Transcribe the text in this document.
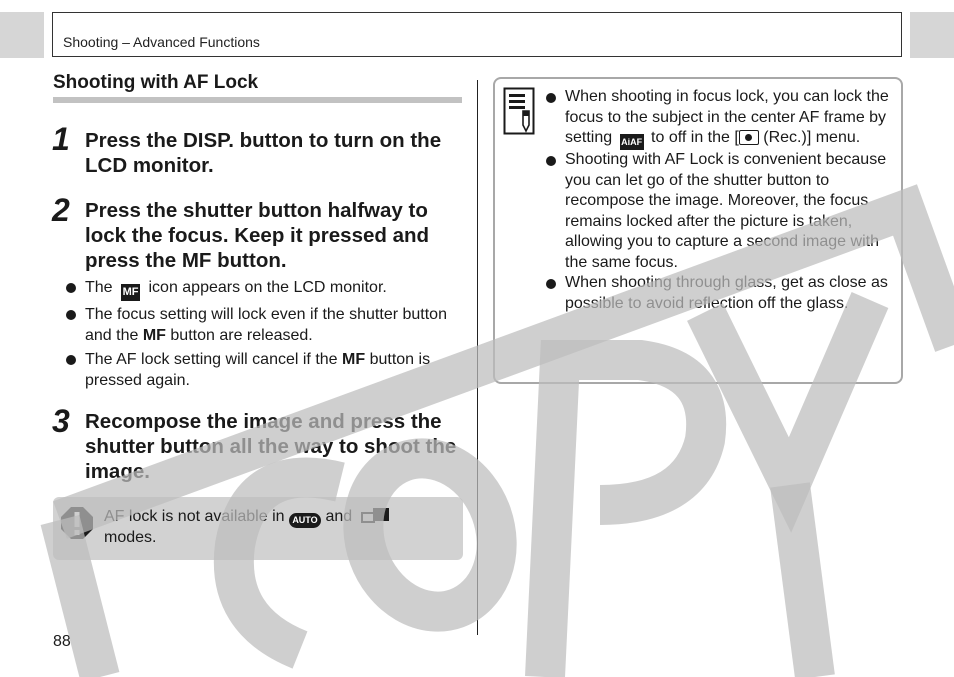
Shooting – Advanced Functions
Shooting with AF Lock
1 Press the DISP. button to turn on the LCD monitor.
2 Press the shutter button halfway to lock the focus. Keep it pressed and press the MF button.
The MF icon appears on the LCD monitor.
The focus setting will lock even if the shutter button and the MF button are released.
The AF lock setting will cancel if the MF button is pressed again.
3 Recompose the image and press the shutter button all the way to shoot the image.
AF lock is not available in AUTO and

modes.
When shooting in focus lock, you can lock the focus to the subject in the center AF frame by setting AiAF to off in the [ (Rec.)] menu.
Shooting with AF Lock is convenient because you can let go of the shutter button to recompose the image. Moreover, the focus remains locked after the picture is taken, allowing you to capture a second image with the same focus.
When shooting through glass, get as close as possible to avoid reflection off the glass.
88
